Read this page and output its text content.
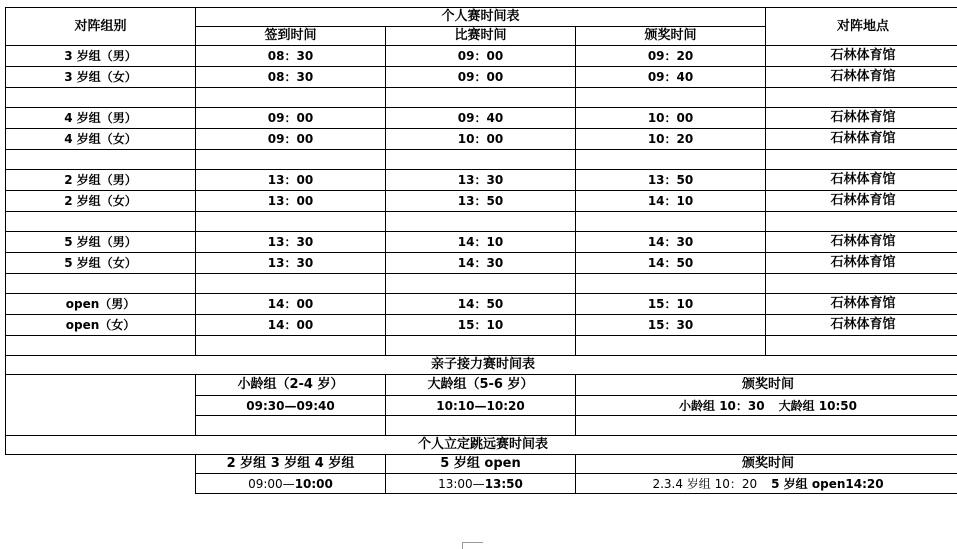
对阵组别	个人赛时间表			对阵地点
	签到时间	比赛时间	颁奖时间	
3 岁组（男）	08：30	09：00	09：20	石林体育馆
3 岁组（女）	08：30	09：00	09：40	石林体育馆

4 岁组（男）	09：00	09：40	10：00	石林体育馆
4 岁组（女）	09：00	10：00	10：20	石林体育馆

2 岁组（男）	13：00	13：30	13：50	石林体育馆
2 岁组（女）	13：00	13：50	14：10	石林体育馆

5 岁组（男）	13：30	14：10	14：30	石林体育馆
5 岁组（女）	13：30	14：30	14：50	石林体育馆

open（男）	14：00	14：50	15：10	石林体育馆
open（女）	14：00	15：10	15：30	石林体育馆

亲子接力赛时间表				
	小龄组（2-4 岁）	大龄组（5-6 岁）	颁奖时间	
	09:30—09:40	10:10—10:20	小龄组 10：30 大龄组 10:50	

个人立定跳远赛时间表				
	2 岁组 3 岁组 4 岁组	5 岁组 open	颁奖时间	
	09:00—10:00	13:00—13:50	2.3.4 岁组 10：20 5 岁组 open14:20	
